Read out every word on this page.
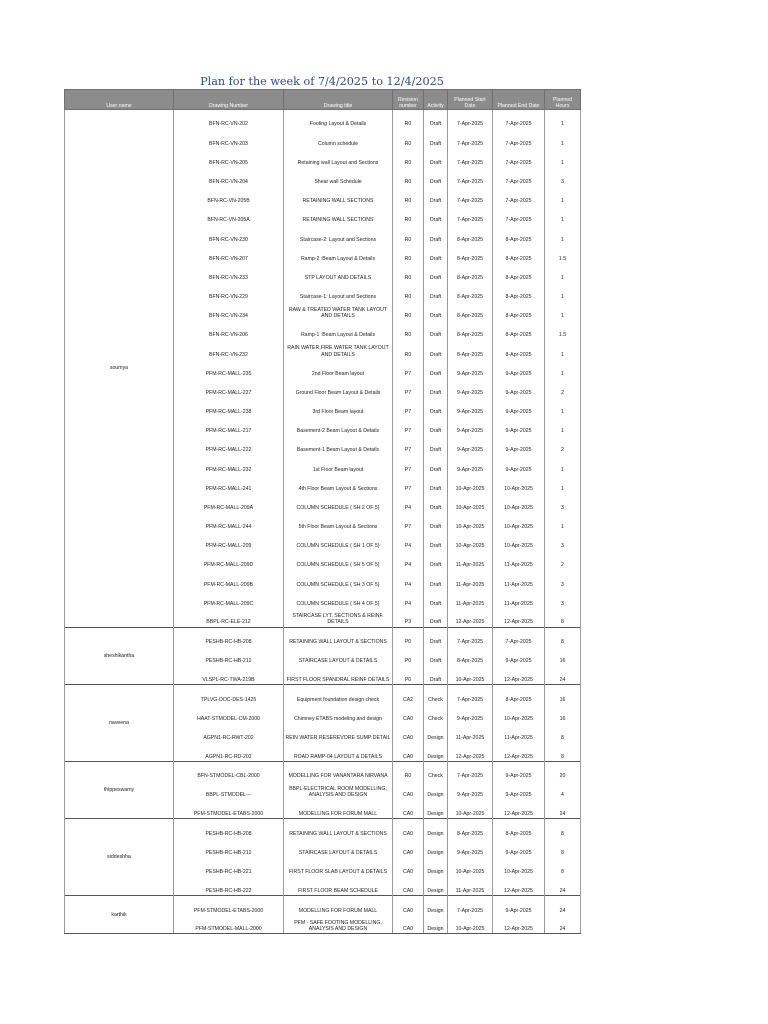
Plan for the week of 7/4/2025 to 12/4/2025
User name	Drawing Number	Drawing title	Revision number	Activity	Planned Start Date	Planned End Date	Planned Hours
soumya	BFN-RC-VN-202	Footing Layout & Details	R0	Draft	7-Apr-2025	7-Apr-2025	1

	BFN-RC-VN-203	Column schedule	R0	Draft	7-Apr-2025	7-Apr-2025	1

	BFN-RC-VN-205	Retaining wall Layout and Sections	R0	Draft	7-Apr-2025	7-Apr-2025	1

	BFN-RC-VN-204	Shear wall Schedule	R0	Draft	7-Apr-2025	7-Apr-2025	3

	BFN-RC-VN-205B	RETAINING WALL SECTIONS	R0	Draft	7-Apr-2025	7-Apr-2025	1

	BFN-RC-VN-205A	RETAINING WALL SECTIONS	R0	Draft	7-Apr-2025	7-Apr-2025	1

	BFN-RC-VN-230	Staircase-2: Layout and Sections	R0	Draft	8-Apr-2025	8-Apr-2025	1

	BFN-RC-VN-207	Ramp-2 :Beam Layout & Details	R0	Draft	8-Apr-2025	8-Apr-2025	1.5

	BFN-RC-VN-233	STP LAYOUT AND DETAILS	R0	Draft	8-Apr-2025	8-Apr-2025	1

	BFN-RC-VN-229	Staircase-1: Layout and Sections	R0	Draft	8-Apr-2025	8-Apr-2025	1

	BFN-RC-VN-234	RAW & TREATED WATER TANK LAYOUT AND DETAILS	R0	Draft	8-Apr-2025	8-Apr-2025	1

	BFN-RC-VN-206	Ramp-1 :Beam Layout & Details	R0	Draft	8-Apr-2025	8-Apr-2025	1.5

	BFN-RC-VN-232	RAIN WATER,FIRE WATER TANK LAYOUT AND DETAILS	R0	Draft	8-Apr-2025	8-Apr-2025	1

	PFM-RC-MALL-235	2nd Floor Beam layout	P7	Draft	9-Apr-2025	9-Apr-2025	1

	PFM-RC-MALL-227	Ground Floor Beam Layout & Details	P7	Draft	9-Apr-2025	9-Apr-2025	2

	PFM-RC-MALL-238	3rd Floor Beam layout	P7	Draft	9-Apr-2025	9-Apr-2025	1

	PFM-RC-MALL-217	Basement-2 Beam Layout & Details	P7	Draft	9-Apr-2025	9-Apr-2025	1

	PFM-RC-MALL-222	Basement-1 Beam Layout & Details	P7	Draft	9-Apr-2025	9-Apr-2025	2

	PFM-RC-MALL-232	1st Floor Beam layout	P7	Draft	9-Apr-2025	9-Apr-2025	1

	PFM-RC-MALL-241	4th Floor Beam Layout & Sections	P7	Draft	10-Apr-2025	10-Apr-2025	1

	PFM-RC-MALL-209A	COLUMN SCHEDULE ( SH 2 OF 5)	P4	Draft	10-Apr-2025	10-Apr-2025	3

	PFM-RC-MALL-244	5th Floor Beam Layout & Sections	P7	Draft	10-Apr-2025	10-Apr-2025	1

	PFM-RC-MALL-209	COLUMN SCHEDULE ( SH 1 OF 5)	P4	Draft	10-Apr-2025	10-Apr-2025	3

	PFM-RC-MALL-209D	COLUMN SCHEDULE ( SH 5 OF 5)	P4	Draft	11-Apr-2025	11-Apr-2025	2

	PFM-RC-MALL-209B	COLUMN SCHEDULE ( SH 3 OF 5)	P4	Draft	11-Apr-2025	11-Apr-2025	3

	PFM-RC-MALL-209C	COLUMN SCHEDULE ( SH 4 OF 5)	P4	Draft	11-Apr-2025	11-Apr-2025	3

	BBPL-RC-ELE-212	STAIRCASE LYT, SECTIONS & REINF. DETAILS	P3	Draft	12-Apr-2025	12-Apr-2025	8

sheshikantha	PESHB-RC-HB-208	RETAINING WALL LAYOUT & SECTIONS	P0	Draft	7-Apr-2025	7-Apr-2025	8

	PESHB-RC-HB-212	STAIRCASE LAYOUT & DETAILS	P0	Draft	8-Apr-2025	9-Apr-2025	16

	VLSPL-RC-TWA-219B	FIRST FLOOR SPANDRAL REINF DETAILS	P0	Draft	10-Apr-2025	12-Apr-2025	24

naveena	TPLVG-DOC-DES-1425	Equipment foundation design check	CA2	Check	7-Apr-2025	8-Apr-2025	16

	HAAT-STMODEL-CM-2000	Chimney ETABS modeling and design	CA0	Check	9-Apr-2025	10-Apr-2025	16

	AGPN1-RC-RWT-202	REIN WATER RESEREVORE SUMP DETAIL	CA0	Design	11-Apr-2025	11-Apr-2025	8

	AGPN1-RC-RD-202	ROAD RAMP-04 LAYOUT & DETAILS	CA0	Design	12-Apr-2025	12-Apr-2025	8

thippeswamy	BFN-STMODEL-CBL-2000	MODELLING FOR VANANTARA NIRVANA	R0	Check	7-Apr-2025	9-Apr-2025	20

	BBPL-STMODEL---	BBPL-ELECTRICAL ROOM MODELLING, ANALYSIS AND DESIGN	CA0	Design	9-Apr-2025	9-Apr-2025	4

	PFM-STMODEL-ETABS-2000	MODELLING FOR FORUM MALL	CA0	Design	10-Apr-2025	12-Apr-2025	24

siddeshha	PESHB-RC-HB-208	RETAINING WALL LAYOUT & SECTIONS	CA0	Design	8-Apr-2025	8-Apr-2025	8

	PESHB-RC-HB-212	STAIRCASE LAYOUT & DETAILS	CA0	Design	9-Apr-2025	9-Apr-2025	8

	PESHB-RC-HB-221	FIRST FLOOR SLAB LAYOUT & DETAILS	CA0	Design	10-Apr-2025	10-Apr-2025	8

	PESHB-RC-HB-222	FIRST FLOOR BEAM SCHEDULE	CA0	Design	11-Apr-2025	12-Apr-2025	24

karthik	PFM-STMODEL-ETABS-2000	MODELLING FOR FORUM MALL	CA0	Design	7-Apr-2025	9-Apr-2025	24

	PFM-STMODEL-MALL-2000	PFM - SAFE FOOTING MODELLING, ANALYSIS AND DESIGN	CA0	Design	10-Apr-2025	12-Apr-2025	24
